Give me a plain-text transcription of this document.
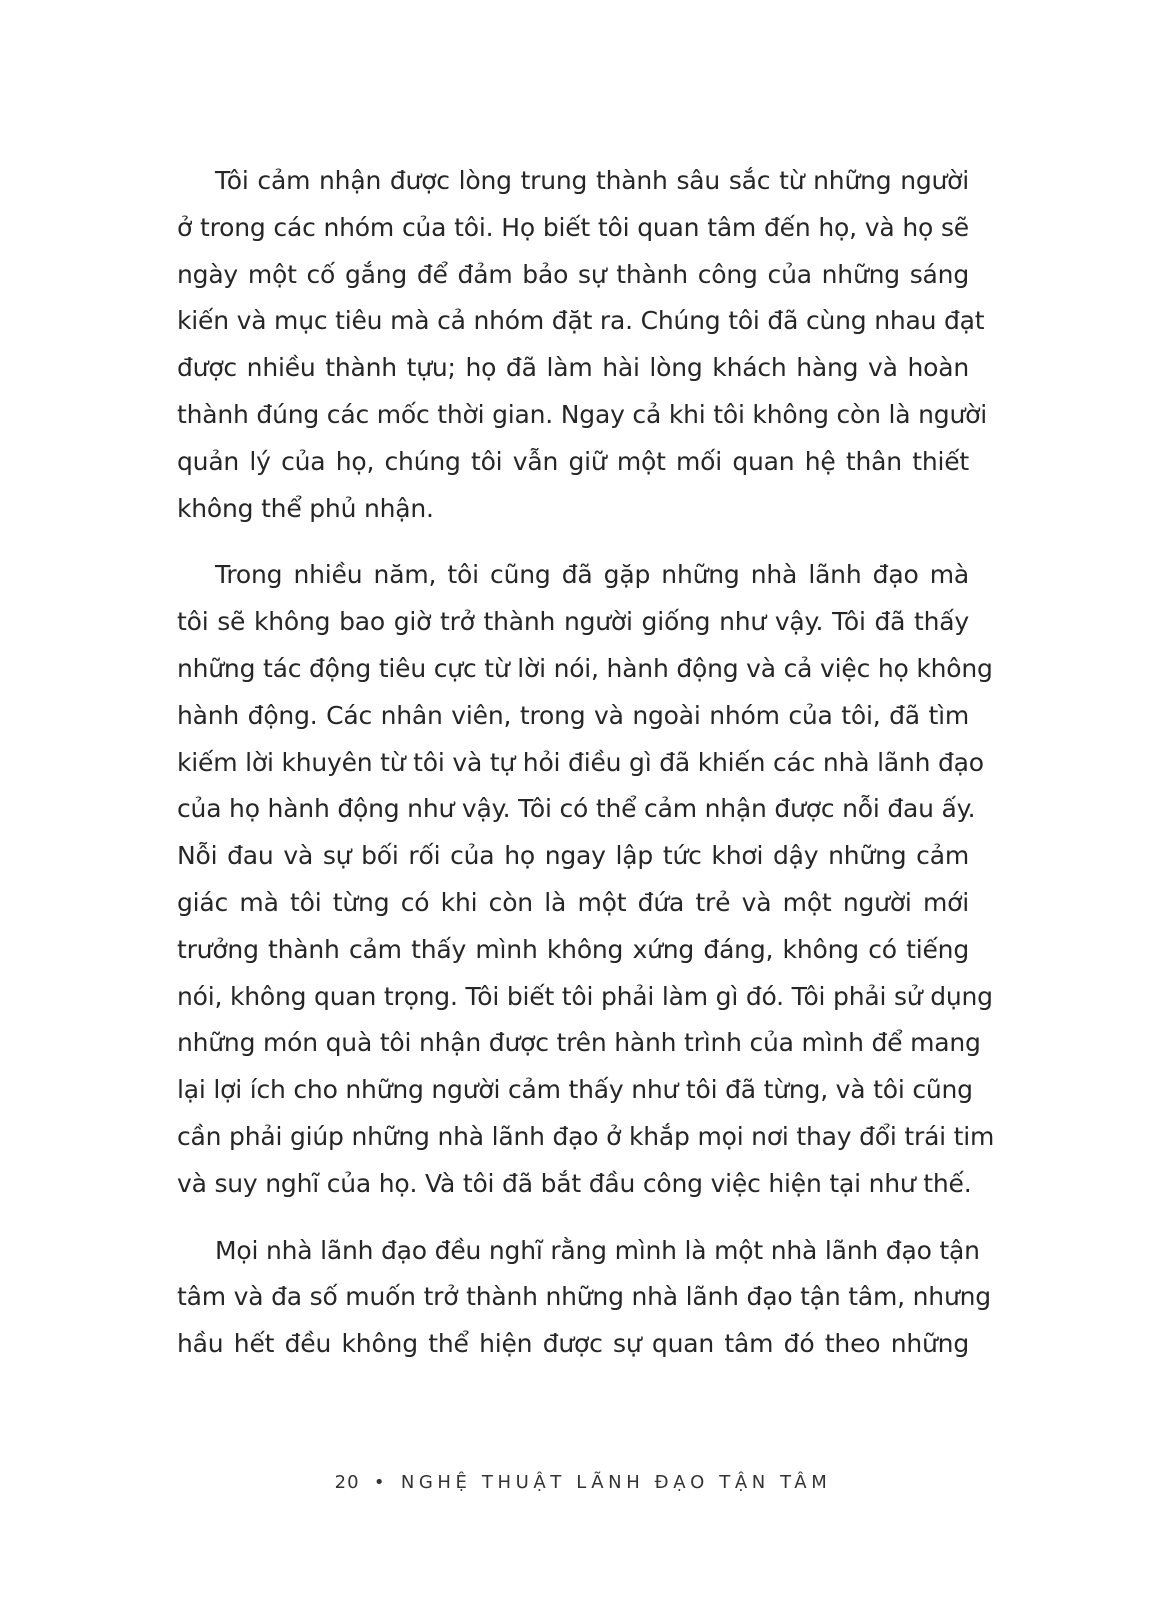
Tôi cảm nhận được lòng trung thành sâu sắc từ những người
ở trong các nhóm của tôi. Họ biết tôi quan tâm đến họ, và họ sẽ
ngày một cố gắng để đảm bảo sự thành công của những sáng
kiến và mục tiêu mà cả nhóm đặt ra. Chúng tôi đã cùng nhau đạt
được nhiều thành tựu; họ đã làm hài lòng khách hàng và hoàn
thành đúng các mốc thời gian. Ngay cả khi tôi không còn là người
quản lý của họ, chúng tôi vẫn giữ một mối quan hệ thân thiết
không thể phủ nhận.

Trong nhiều năm, tôi cũng đã gặp những nhà lãnh đạo mà
tôi sẽ không bao giờ trở thành người giống như vậy. Tôi đã thấy
những tác động tiêu cực từ lời nói, hành động và cả việc họ không
hành động. Các nhân viên, trong và ngoài nhóm của tôi, đã tìm
kiếm lời khuyên từ tôi và tự hỏi điều gì đã khiến các nhà lãnh đạo
của họ hành động như vậy. Tôi có thể cảm nhận được nỗi đau ấy.
Nỗi đau và sự bối rối của họ ngay lập tức khơi dậy những cảm
giác mà tôi từng có khi còn là một đứa trẻ và một người mới
trưởng thành cảm thấy mình không xứng đáng, không có tiếng
nói, không quan trọng. Tôi biết tôi phải làm gì đó. Tôi phải sử dụng
những món quà tôi nhận được trên hành trình của mình để mang
lại lợi ích cho những người cảm thấy như tôi đã từng, và tôi cũng
cần phải giúp những nhà lãnh đạo ở khắp mọi nơi thay đổi trái tim
và suy nghĩ của họ. Và tôi đã bắt đầu công việc hiện tại như thế.

Mọi nhà lãnh đạo đều nghĩ rằng mình là một nhà lãnh đạo tận
tâm và đa số muốn trở thành những nhà lãnh đạo tận tâm, nhưng
hầu hết đều không thể hiện được sự quan tâm đó theo những

20 • NGHỆ THUẬT LÃNH ĐẠO TẬN TÂM
